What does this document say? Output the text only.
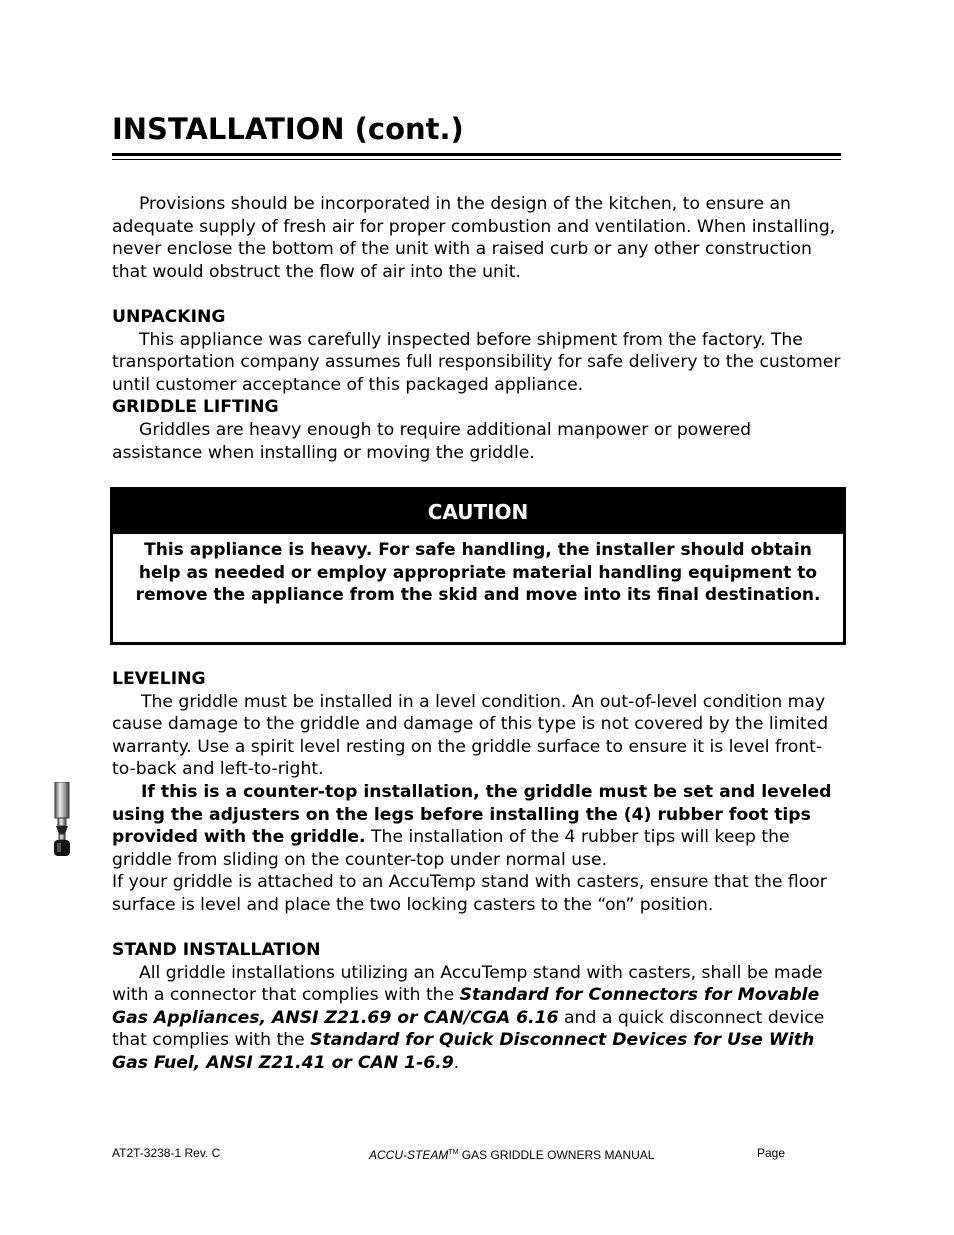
INSTALLATION (cont.)

Provisions should be incorporated in the design of the kitchen, to ensure an adequate supply of fresh air for proper combustion and ventilation. When installing, never enclose the bottom of the unit with a raised curb or any other construction that would obstruct the flow of air into the unit.

UNPACKING

This appliance was carefully inspected before shipment from the factory. The transportation company assumes full responsibility for safe delivery to the customer until customer acceptance of this packaged appliance.

GRIDDLE LIFTING

Griddles are heavy enough to require additional manpower or powered assistance when installing or moving the griddle.

CAUTION

This appliance is heavy. For safe handling, the installer should obtain help as needed or employ appropriate material handling equipment to remove the appliance from the skid and move into its final destination.

LEVELING

The griddle must be installed in a level condition. An out-of-level condition may cause damage to the griddle and damage of this type is not covered by the limited warranty. Use a spirit level resting on the griddle surface to ensure it is level front-to-back and left-to-right.

If this is a counter-top installation, the griddle must be set and leveled using the adjusters on the legs before installing the (4) rubber foot tips provided with the griddle. The installation of the 4 rubber tips will keep the griddle from sliding on the counter-top under normal use.

If your griddle is attached to an AccuTemp stand with casters, ensure that the floor surface is level and place the two locking casters to the “on” position.

STAND INSTALLATION

All griddle installations utilizing an AccuTemp stand with casters, shall be made with a connector that complies with the Standard for Connectors for Movable Gas Appliances, ANSI Z21.69 or CAN/CGA 6.16 and a quick disconnect device that complies with the Standard for Quick Disconnect Devices for Use With Gas Fuel, ANSI Z21.41 or CAN 1-6.9.

AT2T-3238-1 Rev. C	ACCU-STEAM™ GAS GRIDDLE OWNERS MANUAL	Page
